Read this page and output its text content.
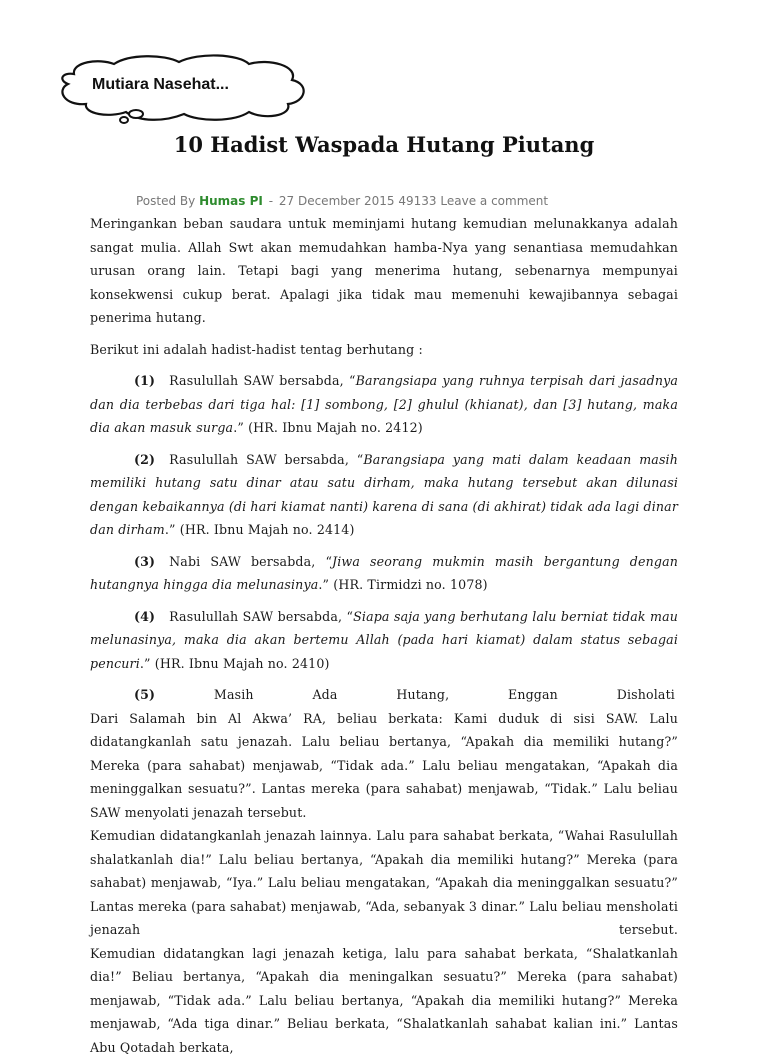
Mutiara Nasehat...
10 Hadist Waspada Hutang Piutang
Posted By Humas PI - 27 December 2015 49133 Leave a comment

Meringankan beban saudara untuk meminjami hutang kemudian melunakkanya adalah sangat mulia. Allah Swt akan memudahkan hamba-Nya yang senantiasa memudahkan urusan orang lain. Tetapi bagi yang menerima hutang, sebenarnya mempunyai konsekwensi cukup berat. Apalagi jika tidak mau memenuhi kewajibannya sebagai penerima hutang.

Berikut ini adalah hadist-hadist tentag berhutang :

(1) Rasulullah SAW bersabda, “Barangsiapa yang ruhnya terpisah dari jasadnya dan dia terbebas dari tiga hal: [1] sombong, [2] ghulul (khianat), dan [3] hutang, maka dia akan masuk surga.” (HR. Ibnu Majah no. 2412)

(2) Rasulullah SAW bersabda, “Barangsiapa yang mati dalam keadaan masih memiliki hutang satu dinar atau satu dirham, maka hutang tersebut akan dilunasi dengan kebaikannya (di hari kiamat nanti) karena di sana (di akhirat) tidak ada lagi dinar dan dirham.” (HR. Ibnu Majah no. 2414)

(3) Nabi SAW bersabda, “Jiwa seorang mukmin masih bergantung dengan hutangnya hingga dia melunasinya.” (HR. Tirmidzi no. 1078)

(4) Rasulullah SAW bersabda, “Siapa saja yang berhutang lalu berniat tidak mau melunasinya, maka dia akan bertemu Allah (pada hari kiamat) dalam status sebagai pencuri.” (HR. Ibnu Majah no. 2410)

(5)	Masih	Ada	Hutang,	Enggan	Disholati

Dari Salamah bin Al Akwa’ RA, beliau berkata: Kami duduk di sisi SAW. Lalu didatangkanlah satu jenazah. Lalu beliau bertanya, “Apakah dia memiliki hutang?” Mereka (para sahabat) menjawab, “Tidak ada.” Lalu beliau mengatakan, “Apakah dia meninggalkan sesuatu?”. Lantas mereka (para sahabat) menjawab, “Tidak.” Lalu beliau SAW menyolati jenazah tersebut.

Kemudian didatangkanlah jenazah lainnya. Lalu para sahabat berkata, “Wahai Rasulullah shalatkanlah dia!” Lalu beliau bertanya, “Apakah dia memiliki hutang?” Mereka (para sahabat) menjawab, “Iya.” Lalu beliau mengatakan, “Apakah dia meninggalkan sesuatu?” Lantas mereka (para sahabat) menjawab, “Ada, sebanyak 3 dinar.” Lalu beliau mensholati

jenazah	tersebut.

Kemudian didatangkan lagi jenazah ketiga, lalu para sahabat berkata, “Shalatkanlah dia!” Beliau bertanya, “Apakah dia meningalkan sesuatu?” Mereka (para sahabat) menjawab, “Tidak ada.” Lalu beliau bertanya, “Apakah dia memiliki hutang?” Mereka menjawab, “Ada tiga dinar.” Beliau berkata, “Shalatkanlah sahabat kalian ini.” Lantas Abu Qotadah berkata,
